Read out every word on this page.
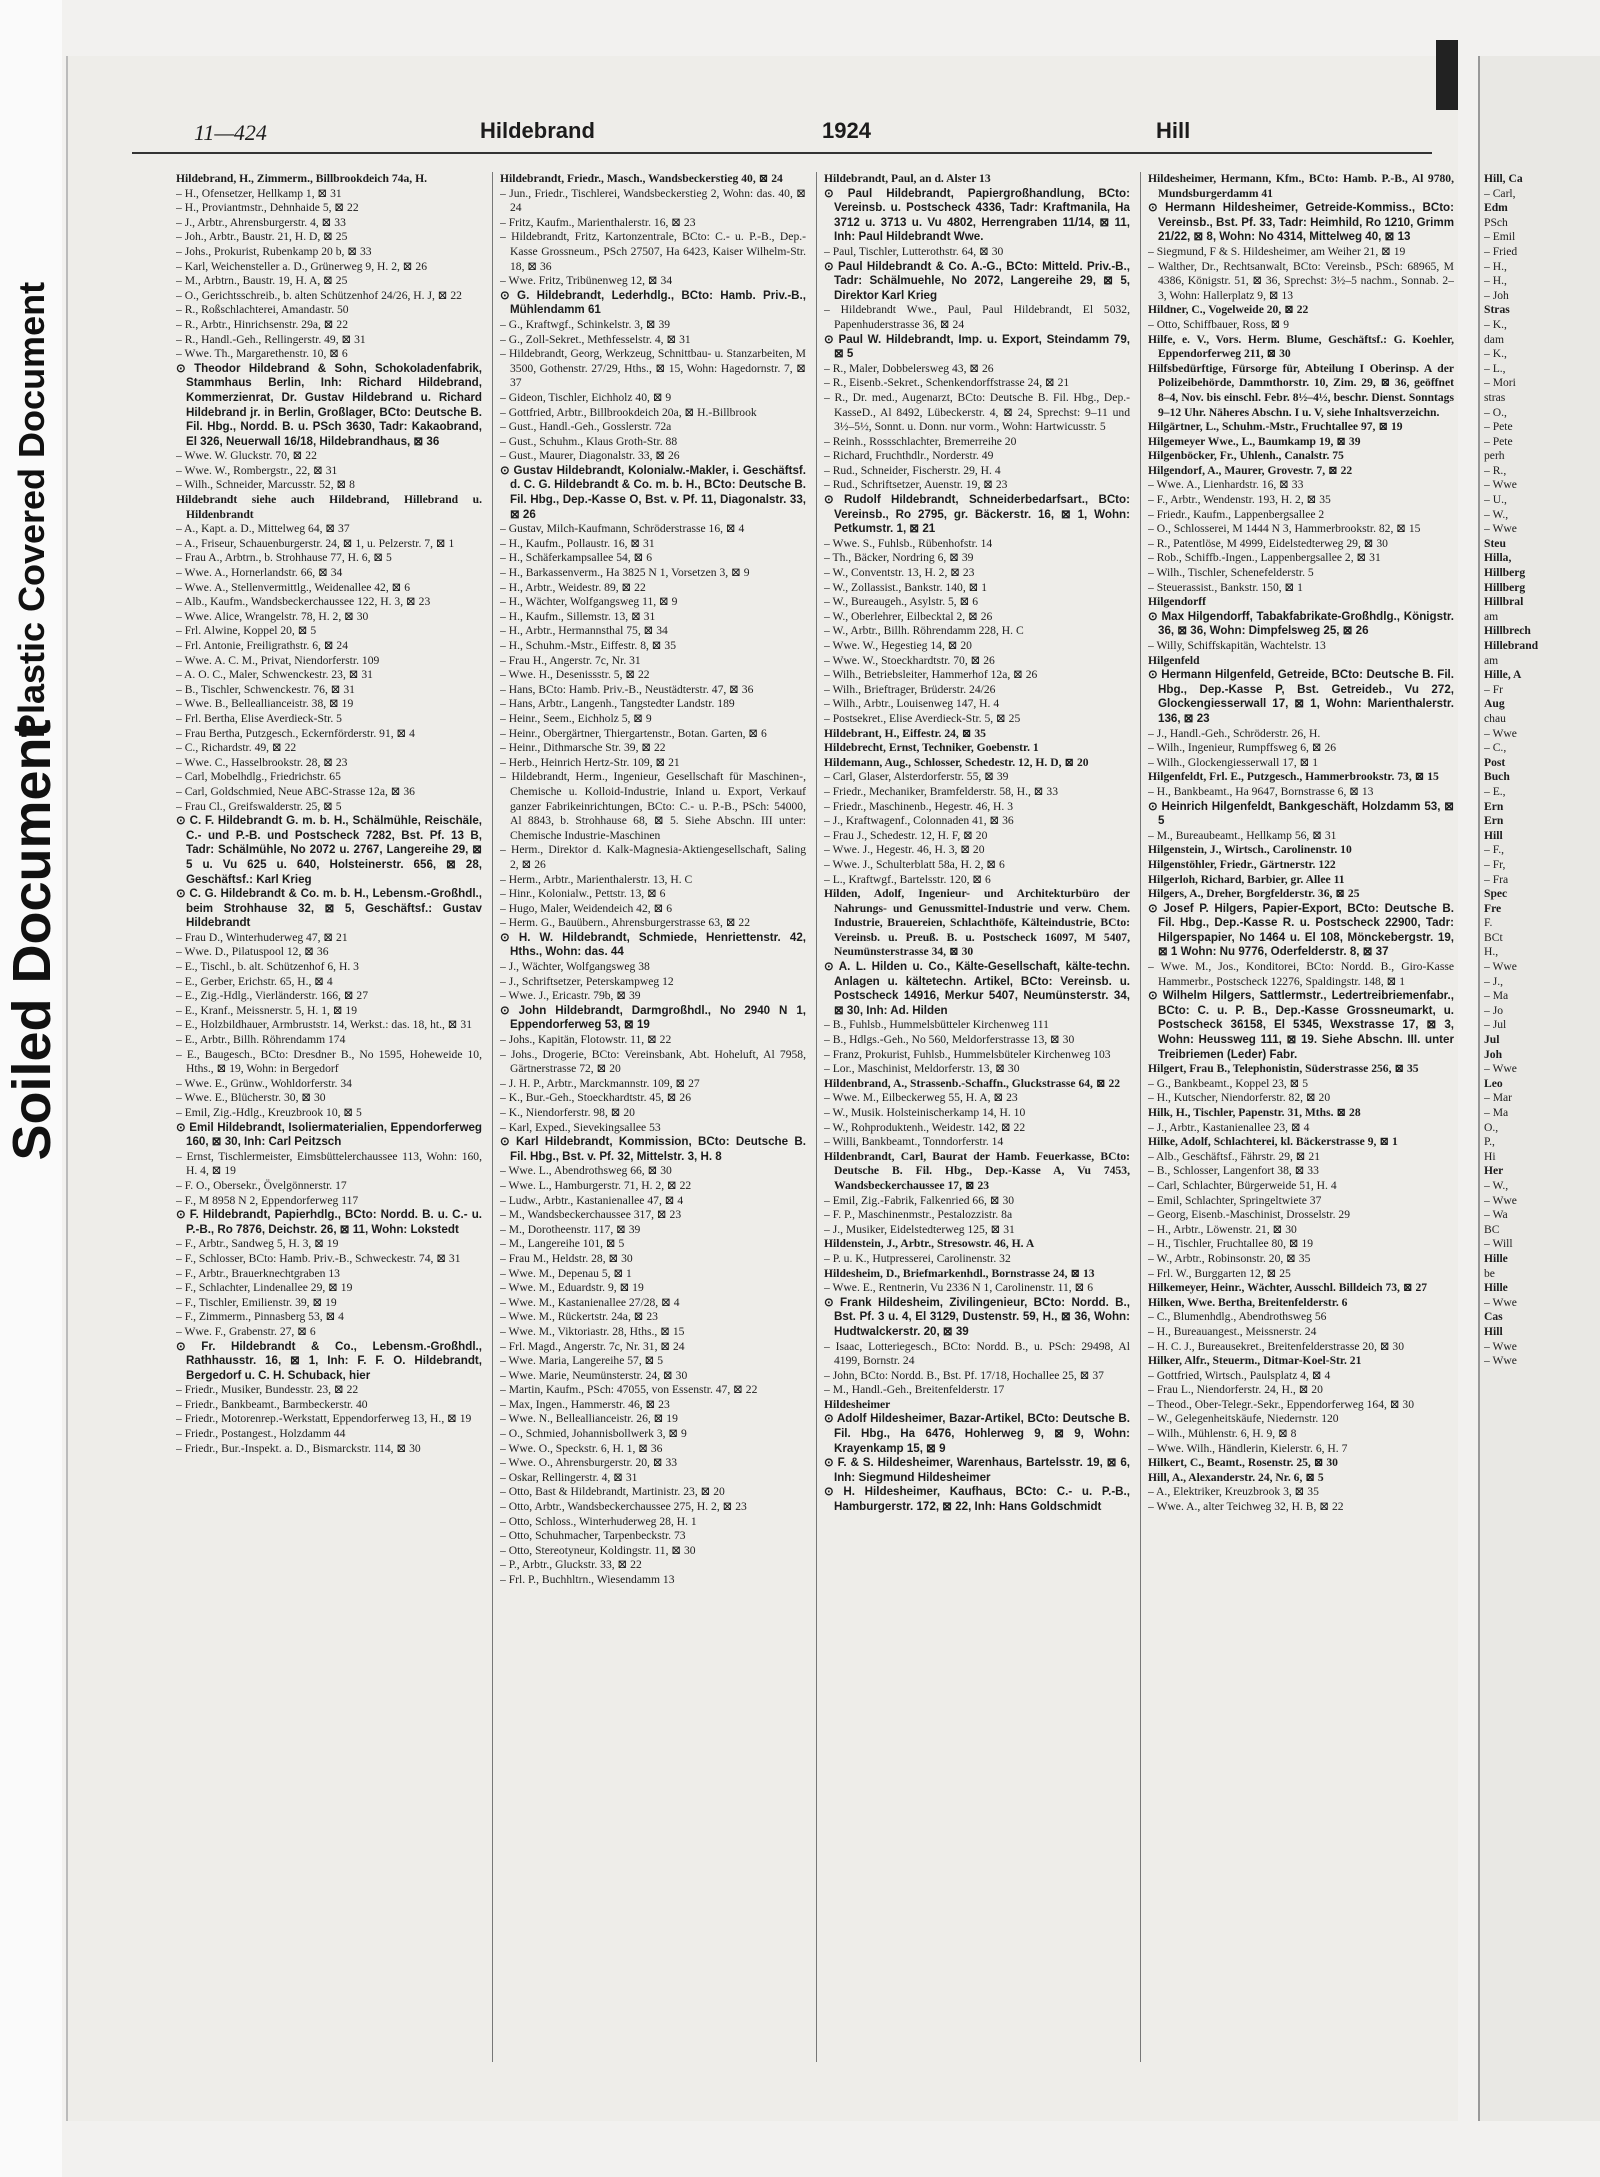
Plastic Covered Document
Soiled Document
11—424	Hildebrand	1924	Hill

Hildebrand, H., Zimmerm., Billbrookdeich 74a, H.

– H., Ofensetzer, Hellkamp 1, ⊠ 31

– H., Proviantmstr., Dehnhaide 5, ⊠ 22

– J., Arbtr., Ahrensburgerstr. 4, ⊠ 33

– Joh., Arbtr., Baustr. 21, H. D, ⊠ 25

– Johs., Prokurist, Rubenkamp 20 b, ⊠ 33

– Karl, Weichensteller a. D., Grünerweg 9, H. 2, ⊠ 26

– M., Arbtrn., Baustr. 19, H. A, ⊠ 25

– O., Gerichtsschreib., b. alten Schützenhof 24/26, H. J, ⊠ 22

– R., Roßschlachterei, Amandastr. 50

– R., Arbtr., Hinrichsenstr. 29a, ⊠ 22

– R., Handl.-Geh., Rellingerstr. 49, ⊠ 31

– Wwe. Th., Margarethenstr. 10, ⊠ 6

⊙ Theodor Hildebrand & Sohn, Schokoladenfabrik, Stammhaus Berlin, Inh: Richard Hildebrand, Kommerzienrat, Dr. Gustav Hildebrand u. Richard Hildebrand jr. in Berlin, Großlager, BCto: Deutsche B. Fil. Hbg., Nordd. B. u. PSch 3630, Tadr: Kakaobrand, El 326, Neuerwall 16/18, Hildebrandhaus, ⊠ 36

– Wwe. W. Gluckstr. 70, ⊠ 22

– Wwe. W., Rombergstr., 22, ⊠ 31

– Wilh., Schneider, Marcusstr. 52, ⊠ 8

Hildebrandt siehe auch Hildebrand, Hillebrand u. Hildenbrandt

– A., Kapt. a. D., Mittelweg 64, ⊠ 37

– A., Friseur, Schauenburgerstr. 24, ⊠ 1, u. Pelzerstr. 7, ⊠ 1

– Frau A., Arbtrn., b. Strohhause 77, H. 6, ⊠ 5

– Wwe. A., Hornerlandstr. 66, ⊠ 34

– Wwe. A., Stellenvermittlg., Weidenallee 42, ⊠ 6

– Alb., Kaufm., Wandsbeckerchaussee 122, H. 3, ⊠ 23

– Wwe. Alice, Wrangelstr. 78, H. 2, ⊠ 30

– Frl. Alwine, Koppel 20, ⊠ 5

– Frl. Antonie, Freiligrathstr. 6, ⊠ 24

– Wwe. A. C. M., Privat, Niendorferstr. 109

– A. O. C., Maler, Schwenckestr. 23, ⊠ 31

– B., Tischler, Schwenckestr. 76, ⊠ 31

– Wwe. B., Belleallianceistr. 38, ⊠ 19

– Frl. Bertha, Elise Averdieck-Str. 5

– Frau Bertha, Putzgesch., Eckernförderstr. 91, ⊠ 4

– C., Richardstr. 49, ⊠ 22

– Wwe. C., Hasselbrookstr. 28, ⊠ 23

– Carl, Mobelhdlg., Friedrichstr. 65

– Carl, Goldschmied, Neue ABC-Strasse 12a, ⊠ 36

– Frau Cl., Greifswalderstr. 25, ⊠ 5

⊙ C. F. Hildebrandt G. m. b. H., Schälmühle, Reischäle, C.- und P.-B. und Postscheck 7282, Bst. Pf. 13 B, Tadr: Schälmühle, No 2072 u. 2767, Langereihe 29, ⊠ 5 u. Vu 625 u. 640, Holsteinerstr. 656, ⊠ 28, Geschäftsf.: Karl Krieg

⊙ C. G. Hildebrandt & Co. m. b. H., Lebensm.-Großhdl., beim Strohhause 32, ⊠ 5, Geschäftsf.: Gustav Hildebrandt

– Frau D., Winterhuderweg 47, ⊠ 21

– Wwe. D., Pilatuspool 12, ⊠ 36

– E., Tischl., b. alt. Schützenhof 6, H. 3

– E., Gerber, Erichstr. 65, H., ⊠ 4

– E., Zig.-Hdlg., Vierländerstr. 166, ⊠ 27

– E., Kranf., Meissnerstr. 5, H. 1, ⊠ 19

– E., Holzbildhauer, Armbruststr. 14, Werkst.: das. 18, ht., ⊠ 31

– E., Arbtr., Billh. Röhrendamm 174

– E., Baugesch., BCto: Dresdner B., No 1595, Hoheweide 10, Hths., ⊠ 19, Wohn: in Bergedorf

– Wwe. E., Grünw., Wohldorferstr. 34

– Wwe. E., Blücherstr. 30, ⊠ 30

– Emil, Zig.-Hdlg., Kreuzbrook 10, ⊠ 5

⊙ Emil Hildebrandt, Isoliermaterialien, Eppendorferweg 160, ⊠ 30, Inh: Carl Peitzsch

– Ernst, Tischlermeister, Eimsbüttelerchaussee 113, Wohn: 160, H. 4, ⊠ 19

– F. O., Obersekr., Övelgönnerstr. 17

– F., M 8958 N 2, Eppendorferweg 117

⊙ F. Hildebrandt, Papierhdlg., BCto: Nordd. B. u. C.- u. P.-B., Ro 7876, Deichstr. 26, ⊠ 11, Wohn: Lokstedt

– F., Arbtr., Sandweg 5, H. 3, ⊠ 19

– F., Schlosser, BCto: Hamb. Priv.-B., Schweckestr. 74, ⊠ 31

– F., Arbtr., Brauerknechtgraben 13

– F., Schlachter, Lindenallee 29, ⊠ 19

– F., Tischler, Emilienstr. 39, ⊠ 19

– F., Zimmerm., Pinnasberg 53, ⊠ 4

– Wwe. F., Grabenstr. 27, ⊠ 6

⊙ Fr. Hildebrandt & Co., Lebensm.-Großhdl., Rathhausstr. 16, ⊠ 1, Inh: F. F. O. Hildebrandt, Bergedorf u. C. H. Schuback, hier

– Friedr., Musiker, Bundesstr. 23, ⊠ 22

– Friedr., Bankbeamt., Barmbeckerstr. 40

– Friedr., Motorenrep.-Werkstatt, Eppendorferweg 13, H., ⊠ 19

– Friedr., Postangest., Holzdamm 44

– Friedr., Bur.-Inspekt. a. D., Bismarckstr. 114, ⊠ 30

Hildebrandt, Friedr., Masch., Wandsbeckerstieg 40, ⊠ 24

– Jun., Friedr., Tischlerei, Wandsbeckerstieg 2, Wohn: das. 40, ⊠ 24

– Fritz, Kaufm., Marienthalerstr. 16, ⊠ 23

– Hildebrandt, Fritz, Kartonzentrale, BCto: C.- u. P.-B., Dep.-Kasse Grossneum., PSch 27507, Ha 6423, Kaiser Wilhelm-Str. 18, ⊠ 36

– Wwe. Fritz, Tribünenweg 12, ⊠ 34

⊙ G. Hildebrandt, Lederhdlg., BCto: Hamb. Priv.-B., Mühlendamm 61

– G., Kraftwgf., Schinkelstr. 3, ⊠ 39

– G., Zoll-Sekret., Methfesselstr. 4, ⊠ 31

– Hildebrandt, Georg, Werkzeug, Schnittbau- u. Stanzarbeiten, M 3500, Gothenstr. 27/29, Hths., ⊠ 15, Wohn: Hagedornstr. 7, ⊠ 37

– Gideon, Tischler, Eichholz 40, ⊠ 9

– Gottfried, Arbtr., Billbrookdeich 20a, ⊠ H.-Billbrook

– Gust., Handl.-Geh., Gosslerstr. 72a

– Gust., Schuhm., Klaus Groth-Str. 88

– Gust., Maurer, Diagonalstr. 33, ⊠ 26

⊙ Gustav Hildebrandt, Kolonialw.-Makler, i. Geschäftsf. d. C. G. Hildebrandt & Co. m. b. H., BCto: Deutsche B. Fil. Hbg., Dep.-Kasse O, Bst. v. Pf. 11, Diagonalstr. 33, ⊠ 26

– Gustav, Milch-Kaufmann, Schröderstrasse 16, ⊠ 4

– H., Kaufm., Pollaustr. 16, ⊠ 31

– H., Schäferkampsallee 54, ⊠ 6

– H., Barkassenverm., Ha 3825 N 1, Vorsetzen 3, ⊠ 9

– H., Arbtr., Weidestr. 89, ⊠ 22

– H., Wächter, Wolfgangsweg 11, ⊠ 9

– H., Kaufm., Sillemstr. 13, ⊠ 31

– H., Arbtr., Hermannsthal 75, ⊠ 34

– H., Schuhm.-Mstr., Eiffestr. 8, ⊠ 35

– Frau H., Angerstr. 7c, Nr. 31

– Wwe. H., Desenissstr. 5, ⊠ 22

– Hans, BCto: Hamb. Priv.-B., Neustädterstr. 47, ⊠ 36

– Hans, Arbtr., Langenh., Tangstedter Landstr. 189

– Heinr., Seem., Eichholz 5, ⊠ 9

– Heinr., Obergärtner, Thiergartenstr., Botan. Garten, ⊠ 6

– Heinr., Dithmarsche Str. 39, ⊠ 22

– Herb., Heinrich Hertz-Str. 109, ⊠ 21

– Hildebrandt, Herm., Ingenieur, Gesellschaft für Maschinen-, Chemische u. Kolloid-Industrie, Inland u. Export, Verkauf ganzer Fabrikeinrichtungen, BCto: C.- u. P.-B., PSch: 54000, Al 8843, b. Strohhause 68, ⊠ 5. Siehe Abschn. III unter: Chemische Industrie-Maschinen

– Herm., Direktor d. Kalk-Magnesia-Aktiengesellschaft, Saling 2, ⊠ 26

– Herm., Arbtr., Marienthalerstr. 13, H. C

– Hinr., Kolonialw., Pettstr. 13, ⊠ 6

– Hugo, Maler, Weidendeich 42, ⊠ 6

– Herm. G., Bauübern., Ahrensburgerstrasse 63, ⊠ 22

⊙ H. W. Hildebrandt, Schmiede, Henriettenstr. 42, Hths., Wohn: das. 44

– J., Wächter, Wolfgangsweg 38

– J., Schriftsetzer, Peterskampweg 12

– Wwe. J., Ericastr. 79b, ⊠ 39

⊙ John Hildebrandt, Darmgroßhdl., No 2940 N 1, Eppendorferweg 53, ⊠ 19

– Johs., Kapitän, Flotowstr. 11, ⊠ 22

– Johs., Drogerie, BCto: Vereinsbank, Abt. Hoheluft, Al 7958, Gärtnerstrasse 72, ⊠ 20

– J. H. P., Arbtr., Marckmannstr. 109, ⊠ 27

– K., Bur.-Geh., Stoeckhardtstr. 45, ⊠ 26

– K., Niendorferstr. 98, ⊠ 20

– Karl, Exped., Sievekingsallee 53

⊙ Karl Hildebrandt, Kommission, BCto: Deutsche B. Fil. Hbg., Bst. v. Pf. 32, Mittelstr. 3, H. 8

– Wwe. L., Abendrothsweg 66, ⊠ 30

– Wwe. L., Hamburgerstr. 71, H. 2, ⊠ 22

– Ludw., Arbtr., Kastanienallee 47, ⊠ 4

– M., Wandsbeckerchaussee 317, ⊠ 23

– M., Dorotheenstr. 117, ⊠ 39

– M., Langereihe 101, ⊠ 5

– Frau M., Heldstr. 28, ⊠ 30

– Wwe. M., Depenau 5, ⊠ 1

– Wwe. M., Eduardstr. 9, ⊠ 19

– Wwe. M., Kastanienallee 27/28, ⊠ 4

– Wwe. M., Rückertstr. 24a, ⊠ 23

– Wwe. M., Viktoriastr. 28, Hths., ⊠ 15

– Frl. Magd., Angerstr. 7c, Nr. 31, ⊠ 24

– Wwe. Maria, Langereihe 57, ⊠ 5

– Wwe. Marie, Neumünsterstr. 24, ⊠ 30

– Martin, Kaufm., PSch: 47055, von Essenstr. 47, ⊠ 22

– Max, Ingen., Hammerstr. 46, ⊠ 23

– Wwe. N., Belleallianceistr. 26, ⊠ 19

– O., Schmied, Johannisbollwerk 3, ⊠ 9

– Wwe. O., Speckstr. 6, H. 1, ⊠ 36

– Wwe. O., Ahrensburgerstr. 20, ⊠ 33

– Oskar, Rellingerstr. 4, ⊠ 31

– Otto, Bast & Hildebrandt, Martinistr. 23, ⊠ 20

– Otto, Arbtr., Wandsbeckerchaussee 275, H. 2, ⊠ 23

– Otto, Schloss., Winterhuderweg 28, H. 1

– Otto, Schuhmacher, Tarpenbeckstr. 73

– Otto, Stereotyneur, Koldingstr. 11, ⊠ 30

– P., Arbtr., Gluckstr. 33, ⊠ 22

– Frl. P., Buchhltrn., Wiesendamm 13

Hildebrandt, Paul, an d. Alster 13

⊙ Paul Hildebrandt, Papiergroßhandlung, BCto: Vereinsb. u. Postscheck 4336, Tadr: Kraftmanila, Ha 3712 u. 3713 u. Vu 4802, Herrengraben 11/14, ⊠ 11, Inh: Paul Hildebrandt Wwe.

– Paul, Tischler, Lutterothstr. 64, ⊠ 30

⊙ Paul Hildebrandt & Co. A.-G., BCto: Mitteld. Priv.-B., Tadr: Schälmuehle, No 2072, Langereihe 29, ⊠ 5, Direktor Karl Krieg

– Hildebrandt Wwe., Paul, Paul Hildebrandt, El 5032, Papenhuderstrasse 36, ⊠ 24

⊙ Paul W. Hildebrandt, Imp. u. Export, Steindamm 79, ⊠ 5

– R., Maler, Dobbelersweg 43, ⊠ 26

– R., Eisenb.-Sekret., Schenkendorffstrasse 24, ⊠ 21

– R., Dr. med., Augenarzt, BCto: Deutsche B. Fil. Hbg., Dep.-KasseD., Al 8492, Lübeckerstr. 4, ⊠ 24, Sprechst: 9–11 und 3½–5½, Sonnt. u. Donn. nur vorm., Wohn: Hartwicusstr. 5

– Reinh., Rossschlachter, Bremerreihe 20

– Richard, Fruchthdlr., Norderstr. 49

– Rud., Schneider, Fischerstr. 29, H. 4

– Rud., Schriftsetzer, Auenstr. 19, ⊠ 23

⊙ Rudolf Hildebrandt, Schneiderbedarfsart., BCto: Vereinsb., Ro 2795, gr. Bäckerstr. 16, ⊠ 1, Wohn: Petkumstr. 1, ⊠ 21

– Wwe. S., Fuhlsb., Rübenhofstr. 14

– Th., Bäcker, Nordring 6, ⊠ 39

– W., Conventstr. 13, H. 2, ⊠ 23

– W., Zollassist., Bankstr. 140, ⊠ 1

– W., Bureaugeh., Asylstr. 5, ⊠ 6

– W., Oberlehrer, Eilbecktal 2, ⊠ 26

– W., Arbtr., Billh. Röhrendamm 228, H. C

– Wwe. W., Hegestieg 14, ⊠ 20

– Wwe. W., Stoeckhardtstr. 70, ⊠ 26

– Wilh., Betriebsleiter, Hammerhof 12a, ⊠ 26

– Wilh., Brieftrager, Brüderstr. 24/26

– Wilh., Arbtr., Louisenweg 147, H. 4

– Postsekret., Elise Averdieck-Str. 5, ⊠ 25

Hildebrant, H., Eiffestr. 24, ⊠ 35

Hildebrecht, Ernst, Techniker, Goebenstr. 1

Hildemann, Aug., Schlosser, Schedestr. 12, H. D, ⊠ 20

– Carl, Glaser, Alsterdorferstr. 55, ⊠ 39

– Friedr., Mechaniker, Bramfelderstr. 58, H., ⊠ 33

– Friedr., Maschinenb., Hegestr. 46, H. 3

– J., Kraftwagenf., Colonnaden 41, ⊠ 36

– Frau J., Schedestr. 12, H. F, ⊠ 20

– Wwe. J., Hegestr. 46, H. 3, ⊠ 20

– Wwe. J., Schulterblatt 58a, H. 2, ⊠ 6

– L., Kraftwgf., Bartelsstr. 120, ⊠ 6

Hilden, Adolf, Ingenieur- und Architekturbüro der Nahrungs- und Genussmittel-Industrie und verw. Chem. Industrie, Brauereien, Schlachthöfe, Kälteindustrie, BCto: Vereinsb. u. Preuß. B. u. Postscheck 16097, M 5407, Neumünsterstrasse 34, ⊠ 30

⊙ A. L. Hilden u. Co., Kälte-Gesellschaft, kälte-techn. Anlagen u. kältetechn. Artikel, BCto: Vereinsb. u. Postscheck 14916, Merkur 5407, Neumünsterstr. 34, ⊠ 30, Inh: Ad. Hilden

– B., Fuhlsb., Hummelsbütteler Kirchenweg 111

– B., Hdlgs.-Geh., No 560, Meldorferstrasse 13, ⊠ 30

– Franz, Prokurist, Fuhlsb., Hummelsbüteler Kirchenweg 103

– Lor., Maschinist, Meldorferstr. 13, ⊠ 30

Hildenbrand, A., Strassenb.-Schaffn., Gluckstrasse 64, ⊠ 22

– Wwe. M., Eilbeckerweg 55, H. A, ⊠ 23

– W., Musik. Holsteinischerkamp 14, H. 10

– W., Rohproduktenh., Weidestr. 142, ⊠ 22

– Willi, Bankbeamt., Tonndorferstr. 14

Hildenbrandt, Carl, Baurat der Hamb. Feuerkasse, BCto: Deutsche B. Fil. Hbg., Dep.-Kasse A, Vu 7453, Wandsbeckerchaussee 17, ⊠ 23

– Emil, Zig.-Fabrik, Falkenried 66, ⊠ 30

– F. P., Maschinenmstr., Pestalozzistr. 8a

– J., Musiker, Eidelstedterweg 125, ⊠ 31

Hildenstein, J., Arbtr., Stresowstr. 46, H. A

– P. u. K., Hutpresserei, Carolinenstr. 32

Hildesheim, D., Briefmarkenhdl., Bornstrasse 24, ⊠ 13

– Wwe. E., Rentnerin, Vu 2336 N 1, Carolinenstr. 11, ⊠ 6

⊙ Frank Hildesheim, Zivilingenieur, BCto: Nordd. B., Bst. Pf. 3 u. 4, El 3129, Dustenstr. 59, H., ⊠ 36, Wohn: Hudtwalckerstr. 20, ⊠ 39

– Isaac, Lotteriegesch., BCto: Nordd. B., u. PSch: 29498, Al 4199, Bornstr. 24

– John, BCto: Nordd. B., Bst. Pf. 17/18, Hochallee 25, ⊠ 37

– M., Handl.-Geh., Breitenfelderstr. 17

Hildesheimer

⊙ Adolf Hildesheimer, Bazar-Artikel, BCto: Deutsche B. Fil. Hbg., Ha 6476, Hohlerweg 9, ⊠ 9, Wohn: Krayenkamp 15, ⊠ 9

⊙ F. & S. Hildesheimer, Warenhaus, Bartelsstr. 19, ⊠ 6, Inh: Siegmund Hildesheimer

⊙ H. Hildesheimer, Kaufhaus, BCto: C.- u. P.-B., Hamburgerstr. 172, ⊠ 22, Inh: Hans Goldschmidt

Hildesheimer, Hermann, Kfm., BCto: Hamb. P.-B., Al 9780, Mundsburgerdamm 41

⊙ Hermann Hildesheimer, Getreide-Kommiss., BCto: Vereinsb., Bst. Pf. 33, Tadr: Heimhild, Ro 1210, Grimm 21/22, ⊠ 8, Wohn: No 4314, Mittelweg 40, ⊠ 13

– Siegmund, F & S. Hildesheimer, am Weiher 21, ⊠ 19

– Walther, Dr., Rechtsanwalt, BCto: Vereinsb., PSch: 68965, M 4386, Königstr. 51, ⊠ 36, Sprechst: 3½–5 nachm., Sonnab. 2–3, Wohn: Hallerplatz 9, ⊠ 13

Hildner, C., Vogelweide 20, ⊠ 22

– Otto, Schiffbauer, Ross, ⊠ 9

Hilfe, e. V., Vors. Herm. Blume, Geschäftsf.: G. Koehler, Eppendorferweg 211, ⊠ 30

Hilfsbedürftige, Fürsorge für, Abteilung I Oberinsp. A der Polizeibehörde, Dammthorstr. 10, Zim. 29, ⊠ 36, geöffnet 8–4, Nov. bis einschl. Febr. 8½–4½, beschr. Dienst. Sonntags 9–12 Uhr. Näheres Abschn. I u. V, siehe Inhaltsverzeichn.

Hilgärtner, L., Schuhm.-Mstr., Fruchtallee 97, ⊠ 19

Hilgemeyer Wwe., L., Baumkamp 19, ⊠ 39

Hilgenböcker, Fr., Uhlenh., Canalstr. 75

Hilgendorf, A., Maurer, Grovestr. 7, ⊠ 22

– Wwe. A., Lienhardstr. 16, ⊠ 33

– F., Arbtr., Wendenstr. 193, H. 2, ⊠ 35

– Friedr., Kaufm., Lappenbergsallee 2

– O., Schlosserei, M 1444 N 3, Hammerbrookstr. 82, ⊠ 15

– R., Patentlöse, M 4999, Eidelstedterweg 29, ⊠ 30

– Rob., Schiffb.-Ingen., Lappenbergsallee 2, ⊠ 31

– Wilh., Tischler, Schenefelderstr. 5

– Steuerassist., Bankstr. 150, ⊠ 1

Hilgendorff

⊙ Max Hilgendorff, Tabakfabrikate-Großhdlg., Königstr. 36, ⊠ 36, Wohn: Dimpfelsweg 25, ⊠ 26

– Willy, Schiffskapitän, Wachtelstr. 13

Hilgenfeld

⊙ Hermann Hilgenfeld, Getreide, BCto: Deutsche B. Fil. Hbg., Dep.-Kasse P, Bst. Getreideb., Vu 272, Glockengiesserwall 17, ⊠ 1, Wohn: Marienthalerstr. 136, ⊠ 23

– J., Handl.-Geh., Schröderstr. 26, H.

– Wilh., Ingenieur, Rumpffsweg 6, ⊠ 26

– Wilh., Glockengiesserwall 17, ⊠ 1

Hilgenfeldt, Frl. E., Putzgesch., Hammerbrookstr. 73, ⊠ 15

– H., Bankbeamt., Ha 9647, Bornstrasse 6, ⊠ 13

⊙ Heinrich Hilgenfeldt, Bankgeschäft, Holzdamm 53, ⊠ 5

– M., Bureaubeamt., Hellkamp 56, ⊠ 31

Hilgenstein, J., Wirtsch., Carolinenstr. 10

Hilgenstöhler, Friedr., Gärtnerstr. 122

Hilgerloh, Richard, Barbier, gr. Allee 11

Hilgers, A., Dreher, Borgfelderstr. 36, ⊠ 25

⊙ Josef P. Hilgers, Papier-Export, BCto: Deutsche B. Fil. Hbg., Dep.-Kasse R. u. Postscheck 22900, Tadr: Hilgerspapier, No 1464 u. El 108, Mönckebergstr. 19, ⊠ 1 Wohn: Nu 9776, Oderfelderstr. 8, ⊠ 37

– Wwe. M., Jos., Konditorei, BCto: Nordd. B., Giro-Kasse Hammerbr., Postscheck 12276, Spaldingstr. 148, ⊠ 1

⊙ Wilhelm Hilgers, Sattlermstr., Ledertreibriemenfabr., BCto: C. u. P. B., Dep.-Kasse Grossneumarkt, u. Postscheck 36158, El 5345, Wexstrasse 17, ⊠ 3, Wohn: Heussweg 111, ⊠ 19. Siehe Abschn. III. unter Treibriemen (Leder) Fabr.

Hilgert, Frau B., Telephonistin, Süderstrasse 256, ⊠ 35

– G., Bankbeamt., Koppel 23, ⊠ 5

– H., Kutscher, Niendorferstr. 82, ⊠ 20

Hilk, H., Tischler, Papenstr. 31, Mths. ⊠ 28

– J., Arbtr., Kastanienallee 23, ⊠ 4

Hilke, Adolf, Schlachterei, kl. Bäckerstrasse 9, ⊠ 1

– Alb., Geschäftsf., Fährstr. 29, ⊠ 21

– B., Schlosser, Langenfort 38, ⊠ 33

– Carl, Schlachter, Bürgerweide 51, H. 4

– Emil, Schlachter, Springeltwiete 37

– Georg, Eisenb.-Maschinist, Drosselstr. 29

– H., Arbtr., Löwenstr. 21, ⊠ 30

– H., Tischler, Fruchtallee 80, ⊠ 19

– W., Arbtr., Robinsonstr. 20, ⊠ 35

– Frl. W., Burggarten 12, ⊠ 25

Hilkemeyer, Heinr., Wächter, Ausschl. Billdeich 73, ⊠ 27

Hilken, Wwe. Bertha, Breitenfelderstr. 6

– C., Blumenhdlg., Abendrothsweg 56

– H., Bureauangest., Meissnerstr. 24

– H. C. J., Bureausekret., Breitenfelderstrasse 20, ⊠ 30

Hilker, Alfr., Steuerm., Ditmar-Koel-Str. 21

– Gottfried, Wirtsch., Paulsplatz 4, ⊠ 4

– Frau L., Niendorferstr. 24, H., ⊠ 20

– Theod., Ober-Telegr.-Sekr., Eppendorferweg 164, ⊠ 30

– W., Gelegenheitskäufe, Niedernstr. 120

– Wilh., Mühlenstr. 6, H. 9, ⊠ 8

– Wwe. Wilh., Händlerin, Kielerstr. 6, H. 7

Hilkert, C., Beamt., Rosenstr. 25, ⊠ 30

Hill, A., Alexanderstr. 24, Nr. 6, ⊠ 5

– A., Elektriker, Kreuzbrook 3, ⊠ 35

– Wwe. A., alter Teichweg 32, H. B, ⊠ 22

Hill, Ca

– Carl,

Edm

PSch

– Emil

– Fried

– H.,

– H.,

– Joh

Stras

– K.,

dam

– K.,

– L.,

– Mori

stras

– O.,

– Pete

– Pete

perh

– R.,

– Wwe

– U.,

– W.,

– Wwe

Steu

Hilla,

Hillberg

Hillberg

Hillbral

am

Hillbrech

Hillebrand

am

Hille, A

– Fr

Aug

chau

– Wwe

– C.,

Post

Buch

– E.,

Ern

Ern

Hill

– F.,

– Fr,

– Fra

Spec

Fre

F.

BCt

H.,

– Wwe

– J.,

– Ma

– Jo

– Jul

Jul

Joh

– Wwe

Leo

– Mar

– Ma

O.,

P.,

Hi

Her

– W.,

– Wwe

– Wa

BC

– Will

Hille

be

Hille

– Wwe

Cas

Hill

– Wwe

– Wwe
